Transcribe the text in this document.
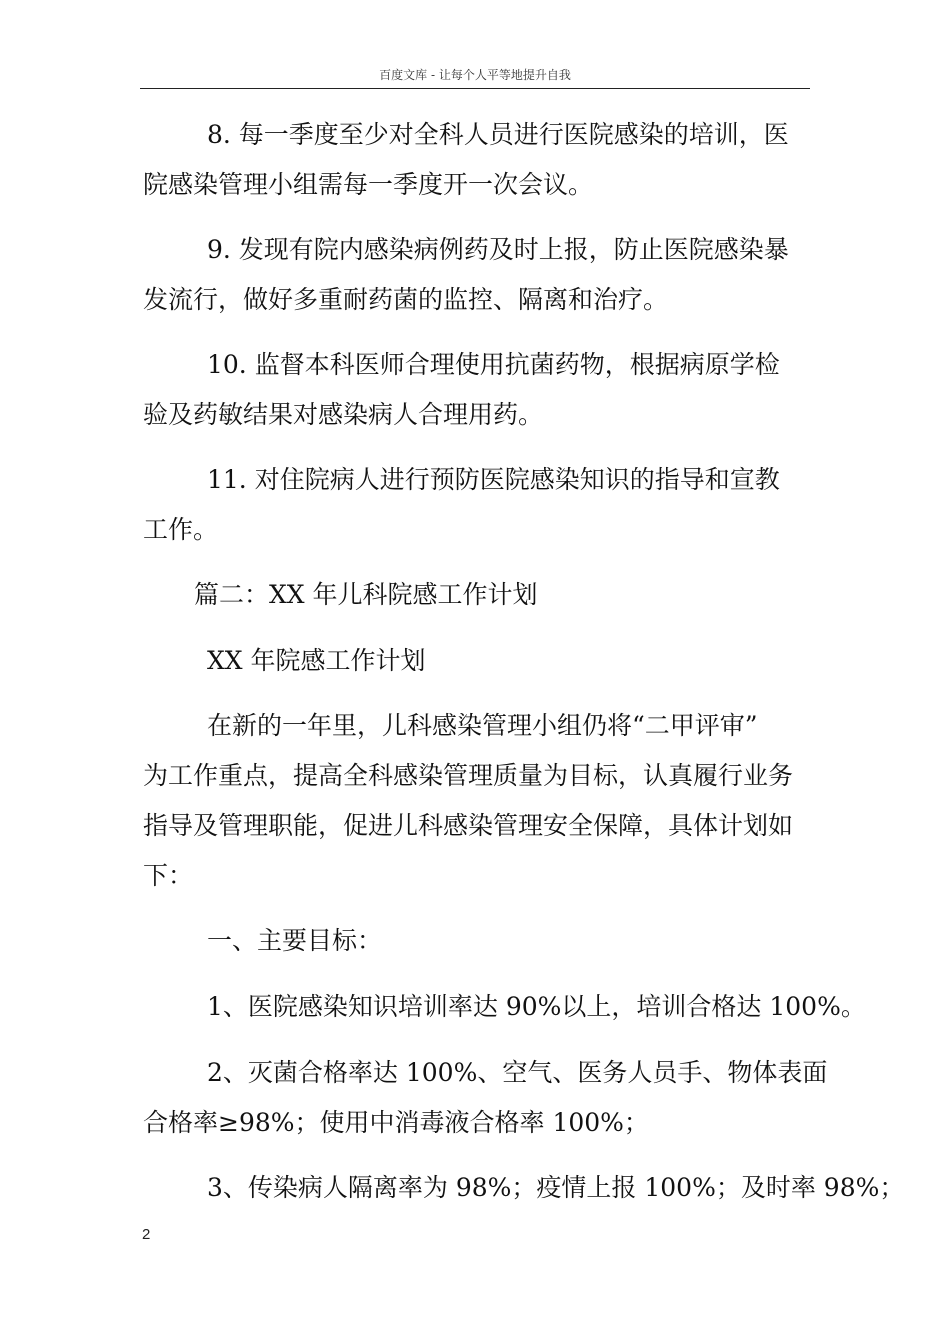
百度文库 - 让每个人平等地提升自我
8. 每一季度至少对全科人员进行医院感染的培训，医
院感染管理小组需每一季度开一次会议。
9. 发现有院内感染病例药及时上报，防止医院感染暴
发流行，做好多重耐药菌的监控、隔离和治疗。
10. 监督本科医师合理使用抗菌药物，根据病原学检
验及药敏结果对感染病人合理用药。
11. 对住院病人进行预防医院感染知识的指导和宣教
工作。
篇二：XX 年儿科院感工作计划
XX 年院感工作计划
在新的一年里，儿科感染管理小组仍将“二甲评审”
为工作重点，提高全科感染管理质量为目标，认真履行业务
指导及管理职能，促进儿科感染管理安全保障，具体计划如
下：
一、主要目标：
1、医院感染知识培训率达 90%以上，培训合格达 100%。
2、灭菌合格率达 100%、空气、医务人员手、物体表面
合格率≥98%；使用中消毒液合格率 100%；
3、传染病人隔离率为 98%；疫情上报 100%；及时率 98%；
2
